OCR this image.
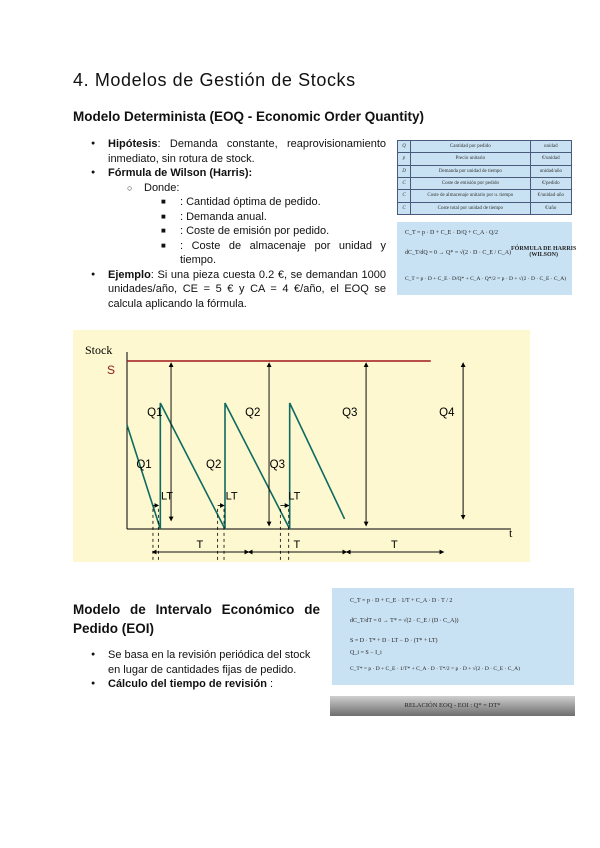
4. Modelos de Gestión de Stocks
Modelo Determinista (EOQ - Economic Order Quantity)
● Hipótesis: Demanda constante, reaprovisionamiento inmediato, sin rotura de stock.
● Fórmula de Wilson (Harris):
○ Donde:
■ : Cantidad óptima de pedido.
■ : Demanda anual.
■ : Coste de emisión por pedido.
■ : Coste de almacenaje por unidad y tiempo.
● Ejemplo: Si una pieza cuesta 0.2 €, se demandan 1000 unidades/año, CE = 5 € y CA = 4 €/año, el EOQ se calcula aplicando la fórmula.
Q	Cantidad por pedido	unidad
p	Precio unitario	€/unidad
D	Demanda por unidad de tiempo	unidad/año
C	Coste de emisión por pedido	€/pedido
C	Coste de almacenaje unitario por u. tiempo	€/unidad·año
C	Coste total por unidad de tiempo	€/año
C_T = p · D + C_E · D/Q + C_A · Q/2
dC_T/dQ = 0 → Q* = √(2 · D · C_E / C_A)
FÓRMULA DE HARRIS
(WILSON)
C_T = p · D + C_E · D/Q* + C_A · Q*/2 = p · D + √(2 · D · C_E · C_A)
Stock
t
S
Q1	Q2	Q3	Q4
Q1	Q2	Q3
LT	LT	LT
T	T	T
Modelo de Intervalo Económico de
Pedido (EOI)
● Se basa en la revisión periódica del stock en lugar de cantidades fijas de pedido.
● Cálculo del tiempo de revisión :
C_T = p · D + C_E · 1/T + C_A · D · T / 2
dC_T/dT = 0 → T* = √(2 · C_E / (D · C_A))
S = D · T* + D · LT − D · (T* + LT)
Q_i = S − I_i
C_T* = p · D + C_E · 1/T* + C_A · D · T*/2 = p · D + √(2 · D · C_E · C_A)
RELACIÓN EOQ - EOI : Q* = DT*
